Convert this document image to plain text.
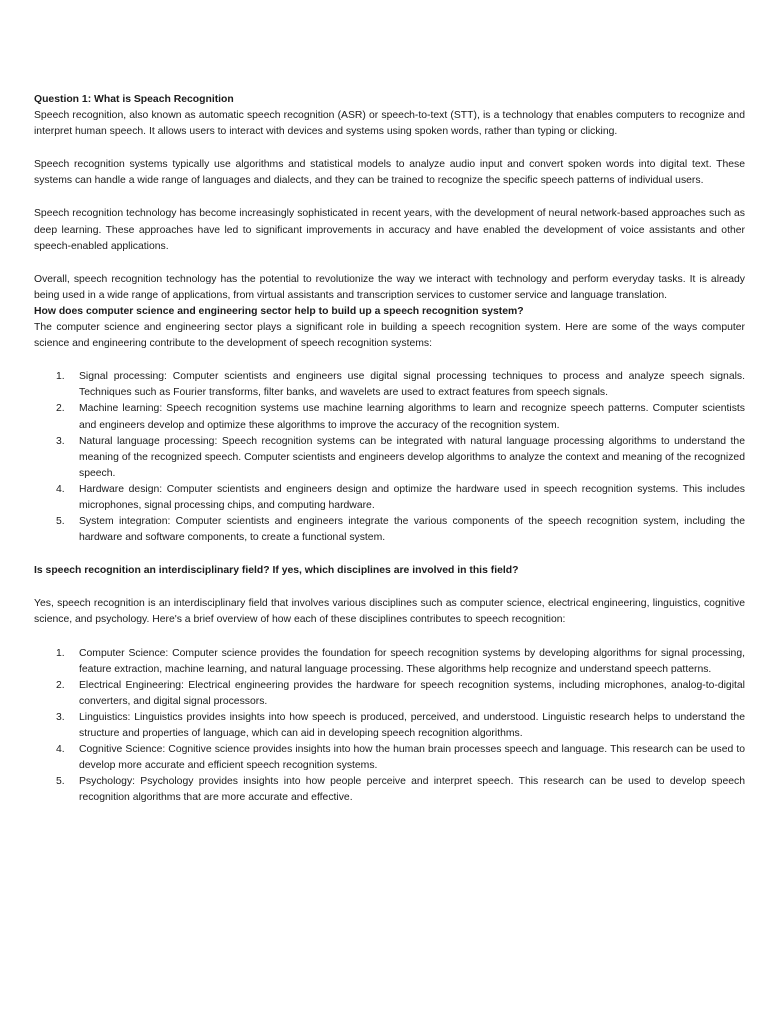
Question 1: What is Speach Recognition

Speech recognition, also known as automatic speech recognition (ASR) or speech-to-text (STT), is a technology that enables computers to recognize and interpret human speech. It allows users to interact with devices and systems using spoken words, rather than typing or clicking.

Speech recognition systems typically use algorithms and statistical models to analyze audio input and convert spoken words into digital text. These systems can handle a wide range of languages and dialects, and they can be trained to recognize the specific speech patterns of individual users.

Speech recognition technology has become increasingly sophisticated in recent years, with the development of neural network-based approaches such as deep learning. These approaches have led to significant improvements in accuracy and have enabled the development of voice assistants and other speech-enabled applications.

Overall, speech recognition technology has the potential to revolutionize the way we interact with technology and perform everyday tasks. It is already being used in a wide range of applications, from virtual assistants and transcription services to customer service and language translation.

How does computer science and engineering sector help to build up a speech recognition system?

The computer science and engineering sector plays a significant role in building a speech recognition system. Here are some of the ways computer science and engineering contribute to the development of speech recognition systems:

1. Signal processing: Computer scientists and engineers use digital signal processing techniques to process and analyze speech signals. Techniques such as Fourier transforms, filter banks, and wavelets are used to extract features from speech signals.
2. Machine learning: Speech recognition systems use machine learning algorithms to learn and recognize speech patterns. Computer scientists and engineers develop and optimize these algorithms to improve the accuracy of the recognition system.
3. Natural language processing: Speech recognition systems can be integrated with natural language processing algorithms to understand the meaning of the recognized speech. Computer scientists and engineers develop algorithms to analyze the context and meaning of the recognized speech.
4. Hardware design: Computer scientists and engineers design and optimize the hardware used in speech recognition systems. This includes microphones, signal processing chips, and computing hardware.
5. System integration: Computer scientists and engineers integrate the various components of the speech recognition system, including the hardware and software components, to create a functional system.

Is speech recognition an interdisciplinary field? If yes, which disciplines are involved in this field?

Yes, speech recognition is an interdisciplinary field that involves various disciplines such as computer science, electrical engineering, linguistics, cognitive science, and psychology. Here's a brief overview of how each of these disciplines contributes to speech recognition:

1. Computer Science: Computer science provides the foundation for speech recognition systems by developing algorithms for signal processing, feature extraction, machine learning, and natural language processing. These algorithms help recognize and understand speech patterns.
2. Electrical Engineering: Electrical engineering provides the hardware for speech recognition systems, including microphones, analog-to-digital converters, and digital signal processors.
3. Linguistics: Linguistics provides insights into how speech is produced, perceived, and understood. Linguistic research helps to understand the structure and properties of language, which can aid in developing speech recognition algorithms.
4. Cognitive Science: Cognitive science provides insights into how the human brain processes speech and language. This research can be used to develop more accurate and efficient speech recognition systems.
5. Psychology: Psychology provides insights into how people perceive and interpret speech. This research can be used to develop speech recognition algorithms that are more accurate and effective.
